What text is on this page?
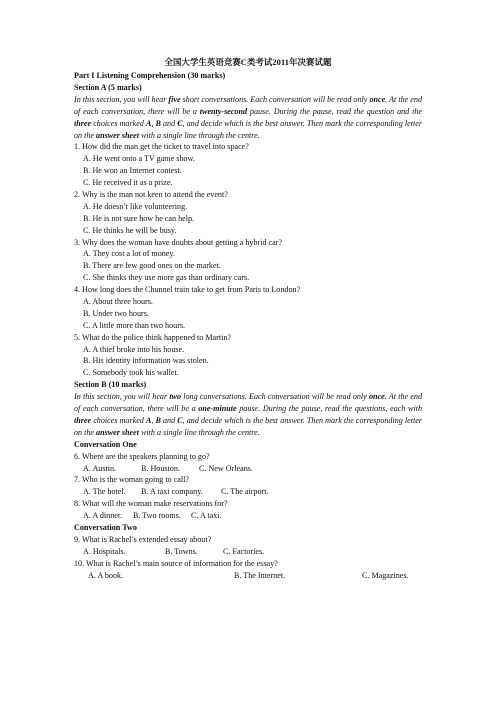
全国大学生英语竞赛C类考试2011年决赛试题
Part I Listening Comprehension (30 marks)
Section A (5 marks)

In this section, you will hear five short conversations. Each conversation will be read only once. At the end of each conversation, there will be a twenty-second pause. During the pause, read the question and the three choices marked A, B and C, and decide which is the best answer. Then mark the corresponding letter on the answer sheet with a single line through the centre.

1. How did the man get the ticket to travel into space?
A. He went onto a TV game show.
B. He won an Internet contest.
C. He received it as a prize.
2. Why is the man not keen to attend the event?
A. He doesn’t like volunteering.
B. He is not sure how he can help.
C. He thinks he will be busy.
3. Why does the woman have doubts about getting a hybrid car?
A. They cost a lot of money.
B. There are few good ones on the market.
C. She thinks they use more gas than ordinary cars.
4. How long does the Chunnel train take to get from Paris to London?
A. About three hours.
B. Under two hours.
C. A little more than two hours.
5. What do the police think happened to Martin?
A. A thief broke into his house.
B. His identity information was stolen.
C. Somebody took his wallet.
Section B (10 marks)

In this section, you will hear two long conversations. Each conversation will be read only once. At the end of each conversation, there will be a one-minute pause. During the pause, read the questions, each with three choices marked A, B and C, and decide which is the best answer. Then mark the corresponding letter on the answer sheet with a single line through the centre.

Conversation One
6. Where are the speakers planning to go?
A. Austin.	B. Houston.	C. New Orleans.
7. Who is the woman going to call?
A. The hotel.	B. A taxi company.	C. The airport.
8. What will the woman make reservations for?
A. A dinner.	B. Two rooms.	C. A taxi.
Conversation Two
9. What is Rachel’s extended essay about?
A. Hospitals.	B. Towns.	C. Factories.
10. What is Rachel’s main source of information for the essay?
A. A book.	B. The Internet.	C. Magazines.
